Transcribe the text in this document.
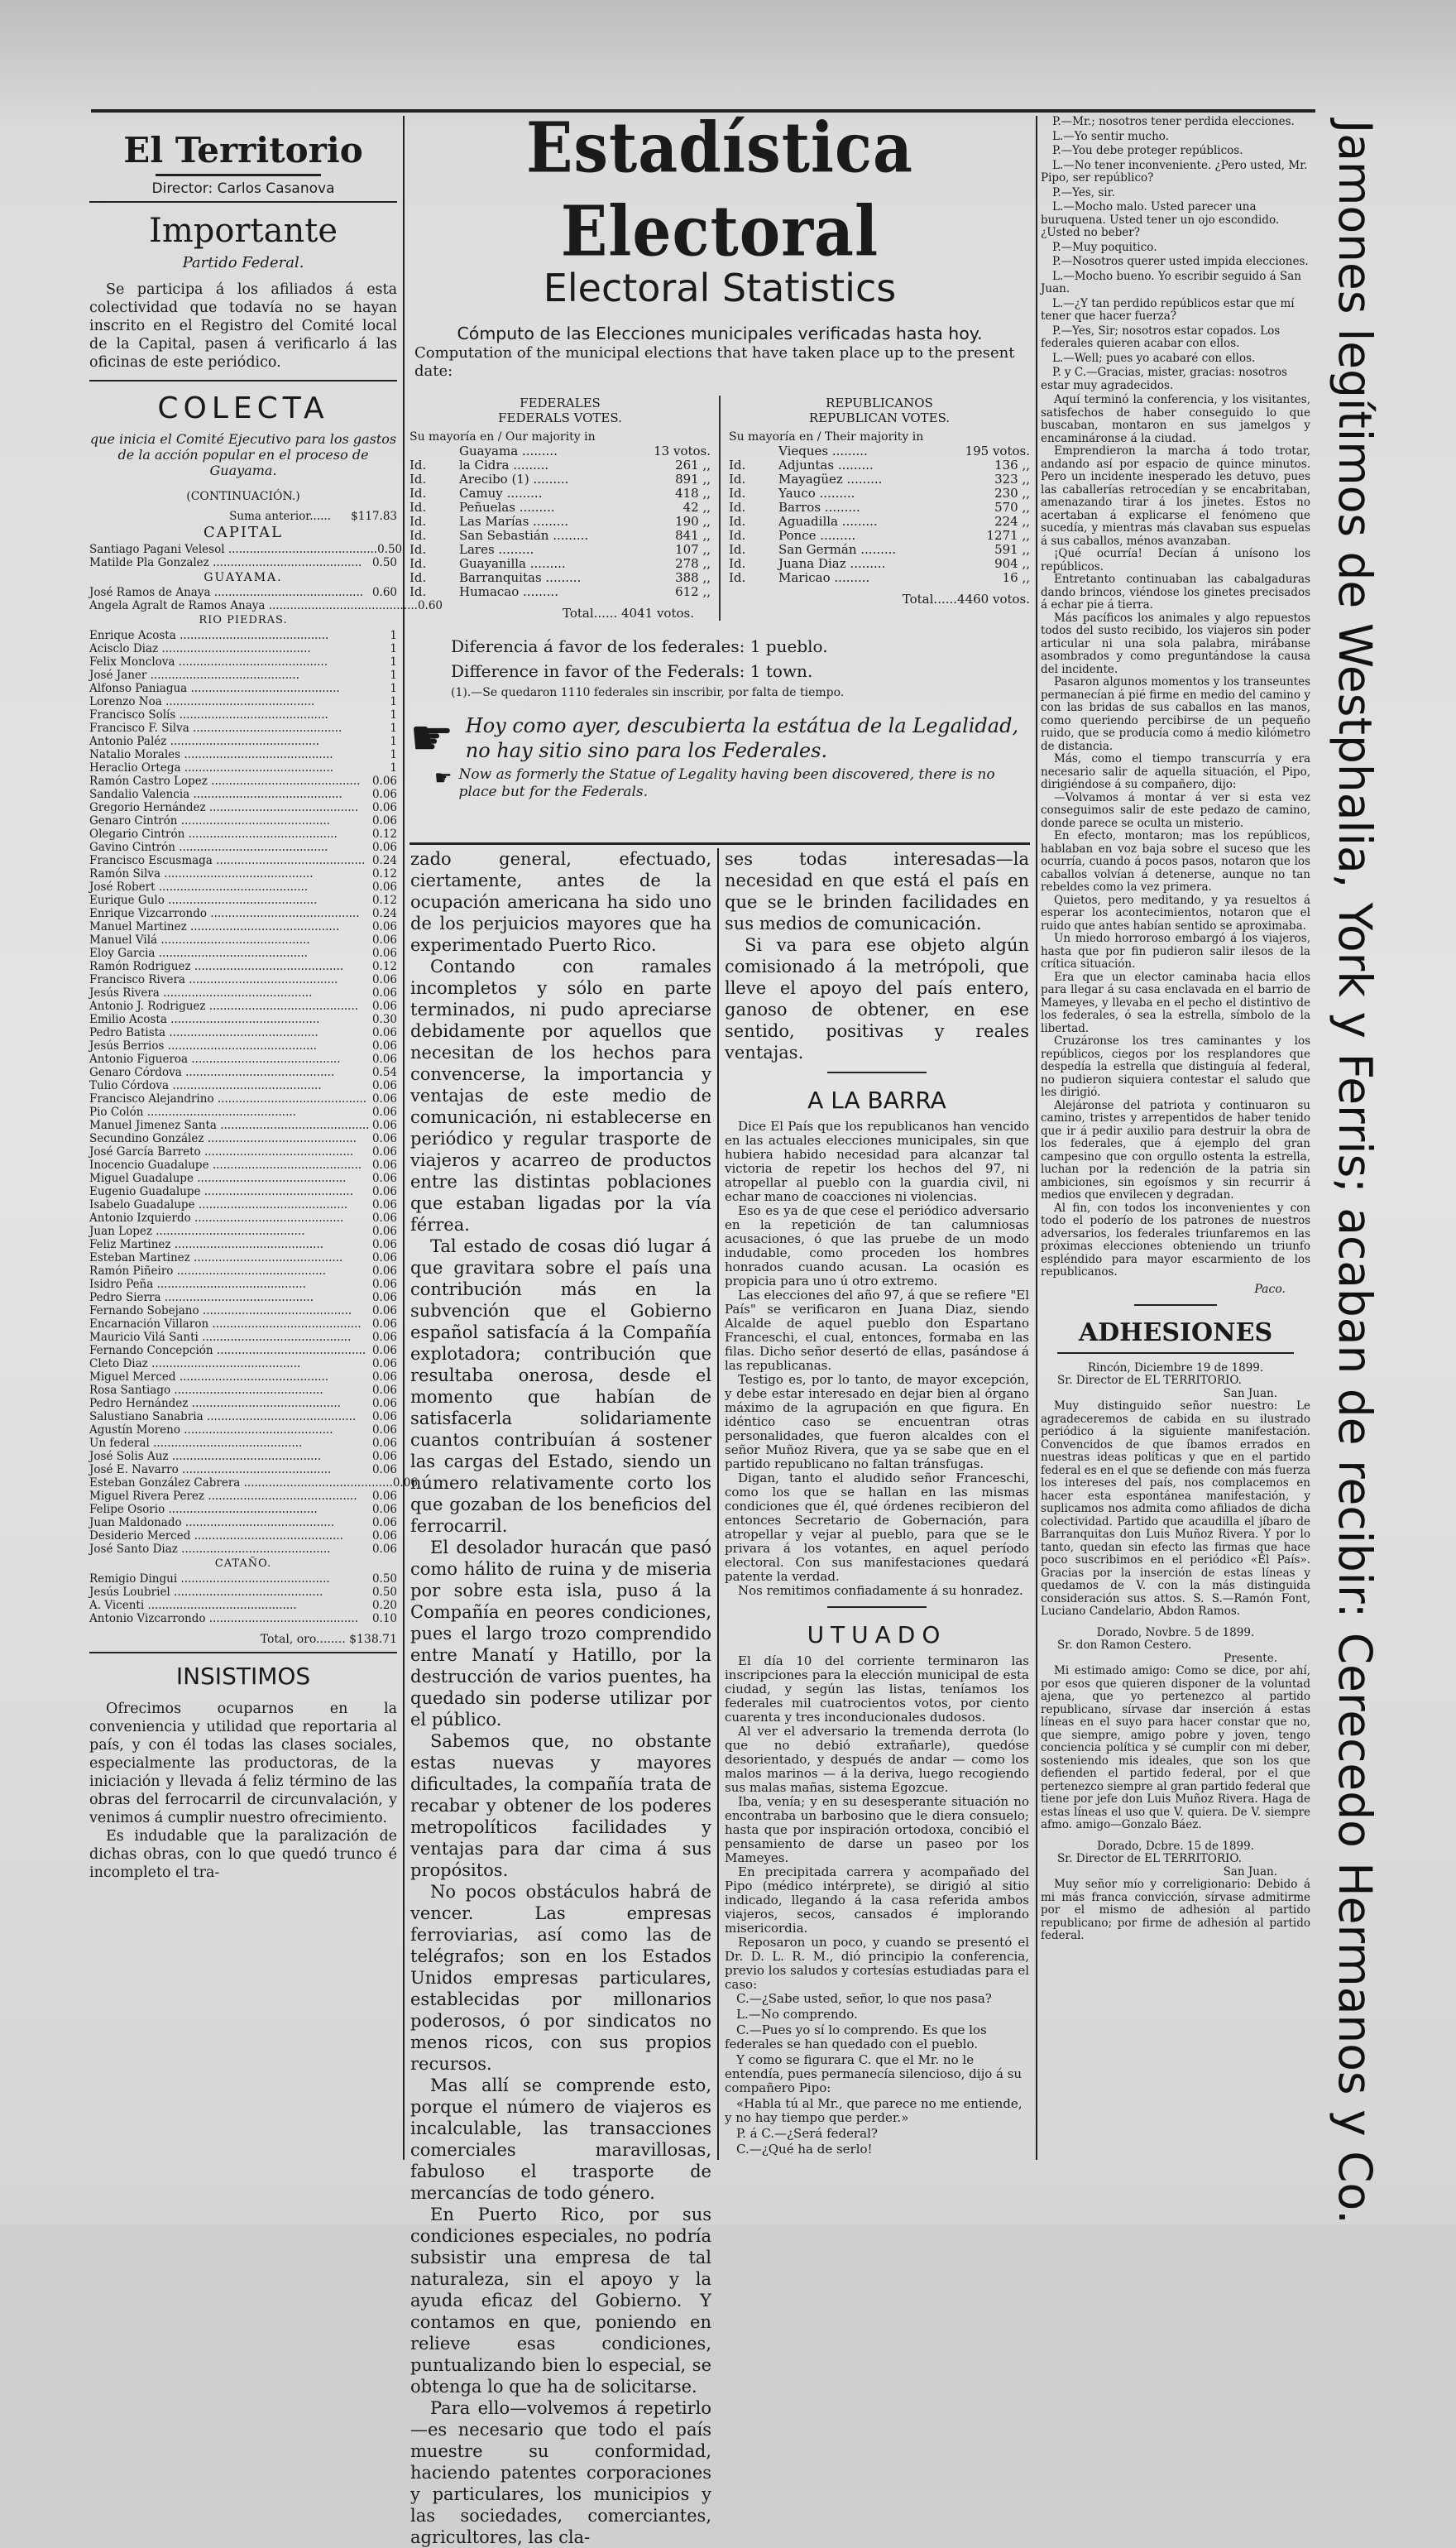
El Territorio
Director: Carlos Casanova
Importante
Partido Federal.
Se participa á los afiliados á esta colectividad que todavía no se hayan inscrito en el Registro del Comité local de la Capital, pasen á verificarlo á las oficinas de este periódico.
COLECTA
que inicia el Comité Ejecutivo para los gastos de la acción popular en el proceso de Guayama.
(CONTINUACIÓN.)
Suma anterior......	$117.83
CAPITAL
Santiago Pagani Velesol .......................................... 0.50
Matilde Pla Gonzalez .......................................... 0.50
GUAYAMA.
José Ramos de Anaya .......................................... 0.60
Angela Agralt de Ramos Anaya .......................................... 0.60
RIO PIEDRAS.
Enrique Acosta ..........................................	1
Acisclo Diaz ..........................................	1
Felix Monclova ..........................................	1
José Janer ..........................................	1
Alfonso Paniagua ..........................................	1
Lorenzo Noa ..........................................	1
Francisco Solís ..........................................	1
Francisco F. Silva ..........................................	1
Antonio Paléz ..........................................	1
Natalio Morales ..........................................	1
Heraclio Ortega ..........................................	1
Ramón Castro Lopez ..........................................	0.06
Sandalio Valencia ..........................................	0.06
Gregorio Hernández ..........................................	0.06
Genaro Cintrón ..........................................	0.06
Olegario Cintrón ..........................................	0.12
Gavino Cintrón ..........................................	0.06
Francisco Escusmaga .......................................... 0.24
Ramón Silva ..........................................	0.12
José Robert ..........................................	0.06
Eurique Gulo ..........................................	0.12
Enrique Vizcarrondo ..........................................	0.24
Manuel Martinez ..........................................	0.06
Manuel Vilá ..........................................	0.06
Eloy Garcia ..........................................	0.06
Ramón Rodriguez ..........................................	0.12
Francisco Rivera ..........................................	0.06
Jesús Rivera ..........................................	0.06
Antonio J. Rodriguez ..........................................	0.06
Emilio Acosta ..........................................	0.30
Pedro Batista ..........................................	0.06
Jesús Berrios ..........................................	0.06
Antonio Figueroa ..........................................	0.06
Genaro Córdova ..........................................	0.54
Tulio Córdova ..........................................	0.06
Francisco Alejandrino .......................................... 0.06
Pio Colón ..........................................	0.06
Manuel Jimenez Santa .......................................... 0.06
Secundino González ..........................................	0.06
José García Barreto ..........................................	0.06
Inocencio Guadalupe .......................................... 0.06
Miguel Guadalupe ..........................................	0.06
Eugenio Guadalupe ..........................................	0.06
Isabelo Guadalupe ..........................................	0.06
Antonio Izquierdo ..........................................	0.06
Juan Lopez ..........................................	0.06
Feliz Martinez ..........................................	0.06
Esteban Martinez ..........................................	0.06
Ramón Piñeiro ..........................................	0.06
Isidro Peña ..........................................	0.06
Pedro Sierra ..........................................	0.06
Fernando Sobejano ..........................................	0.06
Encarnación Villaron .......................................... 0.06
Mauricio Vilá Santi ..........................................	0.06
Fernando Concepción .......................................... 0.06
Cleto Diaz ..........................................	0.06
Miguel Merced ..........................................	0.06
Rosa Santiago ..........................................	0.06
Pedro Hernández ..........................................	0.06
Salustiano Sanabria ..........................................	0.06
Agustín Moreno ..........................................	0.06
Un federal ..........................................	0.06
José Solis Auz ..........................................	0.06
José E. Navarro ..........................................	0.06
Esteban González Cabrera .......................................... 0.06
Miguel Rivera Perez ..........................................	0.06
Felipe Osorio ..........................................	0.06
Juan Maldonado ..........................................	0.06
Desiderio Merced ..........................................	0.06
José Santo Diaz ..........................................	0.06
CATAÑO.
Remigio Dingui ..........................................	0.50
Jesús Loubriel ..........................................	0.50
A. Vicenti ..........................................	0.20
Antonio Vizcarrondo ..........................................	0.10
Total, oro........ $138.71
INSISTIMOS
Ofrecimos ocuparnos en la conveniencia y utilidad que reportaria al país, y con él todas las clases sociales, especialmente las productoras, de la iniciación y llevada á feliz término de las obras del ferrocarril de circunvalación, y venimos á cumplir nuestro ofrecimiento.
Es indudable que la paralización de dichas obras, con lo que quedó trunco é incompleto el tra-
Estadística Electoral
Electoral Statistics
Cómputo de las Elecciones municipales verificadas hasta hoy.
Computation of the municipal elections that have taken place up to the present date:
FEDERALES
FEDERALS VOTES.
Su mayoría en / Our majority in
	Guayama .........	13 votos.
Id.	la Cidra .........	261 ,,
Id.	Arecibo (1) .........	891 ,,
Id.	Camuy .........	418 ,,
Id.	Peñuelas .........	42 ,,
Id.	Las Marías .........	190 ,,
Id.	San Sebastián .........	841 ,,
Id.	Lares .........	107 ,,
Id.	Guayanilla .........	278 ,,
Id.	Barranquitas .........	388 ,,
Id.	Humacao .........	612 ,,
Total...... 4041 votos.
REPUBLICANOS
REPUBLICAN VOTES.
Su mayoría en / Their majority in
	Vieques .........	195 votos.
Id.	Adjuntas .........	136 ,,
Id.	Mayagüez .........	323 ,,
Id.	Yauco .........	230 ,,
Id.	Barros .........	570 ,,
Id.	Aguadilla .........	224 ,,
Id.	Ponce .........	1271 ,,
Id.	San Germán .........	591 ,,
Id.	Juana Diaz .........	904 ,,
Id.	Maricao .........	16 ,,
Total......4460 votos.
Diferencia á favor de los federales: 1 pueblo.
Difference in favor of the Federals: 1 town.
(1).—Se quedaron 1110 federales sin inscribir, por falta de tiempo.
☛ Hoy como ayer, descubierta la estátua de la Legalidad, no hay sitio sino para los Federales.
☛ Now as formerly the Statue of Legality having been discovered, there is no place but for the Federals.
zado general, efectuado, ciertamente, antes de la ocupación americana ha sido uno de los perjuicios mayores que ha experimentado Puerto Rico.
Contando con ramales incompletos y sólo en parte terminados, ni pudo apreciarse debidamente por aquellos que necesitan de los hechos para convencerse, la importancia y ventajas de este medio de comunicación, ni establecerse en periódico y regular trasporte de viajeros y acarreo de productos entre las distintas poblaciones que estaban ligadas por la vía férrea.
Tal estado de cosas dió lugar á que gravitara sobre el país una contribución más en la subvención que el Gobierno español satisfacía á la Compañía explotadora; contribución que resultaba onerosa, desde el momento que habían de satisfacerla solidariamente cuantos contribuían á sostener las cargas del Estado, siendo un número relativamente corto los que gozaban de los beneficios del ferrocarril.
El desolador huracán que pasó como hálito de ruina y de miseria por sobre esta isla, puso á la Compañía en peores condiciones, pues el largo trozo comprendido entre Manatí y Hatillo, por la destrucción de varios puentes, ha quedado sin poderse utilizar por el público.
Sabemos que, no obstante estas nuevas y mayores dificultades, la compañía trata de recabar y obtener de los poderes metropolíticos facilidades y ventajas para dar cima á sus propósitos.
No pocos obstáculos habrá de vencer. Las empresas ferroviarias, así como las de telégrafos; son en los Estados Unidos empresas particulares, establecidas por millonarios poderosos, ó por sindicatos no menos ricos, con sus propios recursos.
Mas allí se comprende esto, porque el número de viajeros es incalculable, las transacciones comerciales maravillosas, fabuloso el trasporte de mercancías de todo género.
En Puerto Rico, por sus condiciones especiales, no podría subsistir una empresa de tal naturaleza, sin el apoyo y la ayuda eficaz del Gobierno. Y contamos en que, poniendo en relieve esas condiciones, puntualizando bien lo especial, se obtenga lo que ha de solicitarse.
Para ello—volvemos á repetirlo—es necesario que todo el país muestre su conformidad, haciendo patentes corporaciones y particulares, los municipios y las sociedades, comerciantes, agricultores, las cla-
ses todas interesadas—la necesidad en que está el país en que se le brinden facilidades en sus medios de comunicación.
Si va para ese objeto algún comisionado á la metrópoli, que lleve el apoyo del país entero, ganoso de obtener, en ese sentido, positivas y reales ventajas.
A LA BARRA
Dice El País que los republicanos han vencido en las actuales elecciones municipales, sin que hubiera habido necesidad para alcanzar tal victoria de repetir los hechos del 97, ni atropellar al pueblo con la guardia civil, ni echar mano de coacciones ni violencias.
Eso es ya de que cese el periódico adversario en la repetición de tan calumniosas acusaciones, ó que las pruebe de un modo indudable, como proceden los hombres honrados cuando acusan. La ocasión es propicia para uno ú otro extremo.
Las elecciones del año 97, á que se refiere "El País" se verificaron en Juana Diaz, siendo Alcalde de aquel pueblo don Espartano Franceschi, el cual, entonces, formaba en las filas. Dicho señor desertó de ellas, pasándose á las republicanas.
Testigo es, por lo tanto, de mayor excepción, y debe estar interesado en dejar bien al órgano máximo de la agrupación en que figura. En idéntico caso se encuentran otras personalidades, que fueron alcaldes con el señor Muñoz Rivera, que ya se sabe que en el partido republicano no faltan tránsfugas.
Digan, tanto el aludido señor Franceschi, como los que se hallan en las mismas condiciones que él, qué órdenes recibieron del entonces Secretario de Gobernación, para atropellar y vejar al pueblo, para que se le privara á los votantes, en aquel período electoral. Con sus manifestaciones quedará patente la verdad.
Nos remitimos confiadamente á su honradez.
UTUADO
El día 10 del corriente terminaron las inscripciones para la elección municipal de esta ciudad, y según las listas, teníamos los federales mil cuatrocientos votos, por ciento cuarenta y tres inconducionales dudosos.
Al ver el adversario la tremenda derrota (lo que no debió extrañarle), quedóse desorientado, y después de andar — como los malos marinos — á la deriva, luego recogiendo sus malas mañas, sistema Egozcue.
Iba, venía; y en su desesperante situación no encontraba un barbosino que le diera consuelo; hasta que por inspiración ortodoxa, concibió el pensamiento de darse un paseo por los Mameyes.
En precipitada carrera y acompañado del Pipo (médico intérprete), se dirigió al sitio indicado, llegando á la casa referida ambos viajeros, secos, cansados é implorando misericordia.
Reposaron un poco, y cuando se presentó el Dr. D. L. R. M., dió principio la conferencia, previo los saludos y cortesías estudiadas para el caso:

C.—¿Sabe usted, señor, lo que nos pasa?

L.—No comprendo.

C.—Pues yo sí lo comprendo. Es que los federales se han quedado con el pueblo.

Y como se figurara C. que el Mr. no le entendía, pues permanecía silencioso, dijo á su compañero Pipo:

«Habla tú al Mr., que parece no me entiende, y no hay tiempo que perder.»

P. á C.—¿Será federal?

C.—¿Qué ha de serlo!

P.—Mr.; nosotros tener perdida elecciones.

L.—Yo sentir mucho.

P.—You debe proteger repúblicos.

L.—No tener inconveniente. ¿Pero usted, Mr. Pipo, ser repúblico?

P.—Yes, sir.

L.—Mocho malo. Usted parecer una buruquena. Usted tener un ojo escondido. ¿Usted no beber?

P.—Muy poquitico.

P.—Nosotros querer usted impida elecciones.

L.—Mocho bueno. Yo escribir seguido á San Juan.

L.—¿Y tan perdido repúblicos estar que mí tener que hacer fuerza?

P.—Yes, Sir; nosotros estar copados. Los federales quieren acabar con ellos.

L.—Well; pues yo acabaré con ellos.

P. y C.—Gracias, mister, gracias: nosotros estar muy agradecidos.

Aquí terminó la conferencia, y los visitantes, satisfechos de haber conseguido lo que buscaban, montaron en sus jamelgos y encamináronse á la ciudad.
Emprendieron la marcha á todo trotar, andando así por espacio de quince minutos. Pero un incidente inesperado les detuvo, pues las caballerías retrocedían y se encabritaban, amenazando tirar á los jinetes. Estos no acertaban á explicarse el fenómeno que sucedía, y mientras más clavaban sus espuelas á sus caballos, ménos avanzaban.
¡Qué ocurría! Decían á unísono los repúblicos.
Entretanto continuaban las cabalgaduras dando brincos, viéndose los ginetes precisados á echar pie á tierra.
Más pacíficos los animales y algo repuestos todos del susto recibido, los viajeros sin poder articular ni una sola palabra, mirábanse asombrados y como preguntándose la causa del incidente.
Pasaron algunos momentos y los transeuntes permanecían á pié firme en medio del camino y con las bridas de sus caballos en las manos, como queriendo percibirse de un pequeño ruido, que se producía como á medio kilómetro de distancia.
Más, como el tiempo transcurría y era necesario salir de aquella situación, el Pipo, dirigiéndose á su compañero, dijo:
—Volvamos á montar á ver si esta vez conseguimos salir de este pedazo de camino, donde parece se oculta un misterio.
En efecto, montaron; mas los repúblicos, hablaban en voz baja sobre el suceso que les ocurría, cuando á pocos pasos, notaron que los caballos volvían á detenerse, aunque no tan rebeldes como la vez primera.
Quietos, pero meditando, y ya resueltos á esperar los acontecimientos, notaron que el ruido que antes habían sentido se aproximaba.
Un miedo horroroso embargó á los viajeros, hasta que por fin pudieron salir ilesos de la crítica situación.
Era que un elector caminaba hacia ellos para llegar á su casa enclavada en el barrio de Mameyes, y llevaba en el pecho el distintivo de los federales, ó sea la estrella, símbolo de la libertad.
Cruzáronse los tres caminantes y los repúblicos, ciegos por los resplandores que despedía la estrella que distinguía al federal, no pudieron siquiera contestar el saludo que les dirigió.
Alejáronse del patriota y continuaron su camino, tristes y arrepentidos de haber tenido que ir á pedir auxilio para destruir la obra de los federales, que á ejemplo del gran campesino que con orgullo ostenta la estrella, luchan por la redención de la patria sin ambiciones, sin egoísmos y sin recurrir á medios que envilecen y degradan.
Al fin, con todos los inconvenientes y con todo el poderío de los patrones de nuestros adversarios, los federales triunfaremos en las próximas elecciones obteniendo un triunfo espléndido para mayor escarmiento de los republicanos.
Paco.
ADHESIONES
Rincón, Diciembre 19 de 1899.
Sr. Director de EL TERRITORIO.
San Juan.
Muy distinguido señor nuestro: Le agradeceremos de cabida en su ilustrado periódico á la siguiente manifestación. Convencidos de que íbamos errados en nuestras ideas políticas y que en el partido federal es en el que se defiende con más fuerza los intereses del país, nos complacemos en hacer esta espontánea manifestación, y suplicamos nos admita como afiliados de dicha colectividad. Partido que acaudilla el jíbaro de Barranquitas don Luis Muñoz Rivera. Y por lo tanto, quedan sin efecto las firmas que hace poco suscribimos en el periódico «El País». Gracias por la inserción de estas líneas y quedamos de V. con la más distinguida consideración sus attos. S. S.—Ramón Font, Luciano Candelario, Abdon Ramos.
Dorado, Novbre. 5 de 1899.
Sr. don Ramon Cestero.
Presente.
Mi estimado amigo: Como se dice, por ahí, por esos que quieren disponer de la voluntad ajena, que yo pertenezco al partido republicano, sírvase dar inserción á estas líneas en el suyo para hacer constar que no, que siempre, amigo pobre y joven, tengo conciencia política y sé cumplir con mi deber, sosteniendo mis ideales, que son los que defienden el partido federal, por el que pertenezco siempre al gran partido federal que tiene por jefe don Luis Muñoz Rivera. Haga de estas líneas el uso que V. quiera. De V. siempre afmo. amigo—Gonzalo Báez.
Dorado, Dcbre. 15 de 1899.
Sr. Director de EL TERRITORIO.
San Juan.
Muy señor mío y correligionario: Debido á mi más franca convicción, sírvase admitirme por el mismo de adhesión al partido republicano; por firme de adhesión al partido federal.	Jamones legítimos de Westphalia, York y Ferris; acaban de recibir: Cerecedo Hermanos y Co.
